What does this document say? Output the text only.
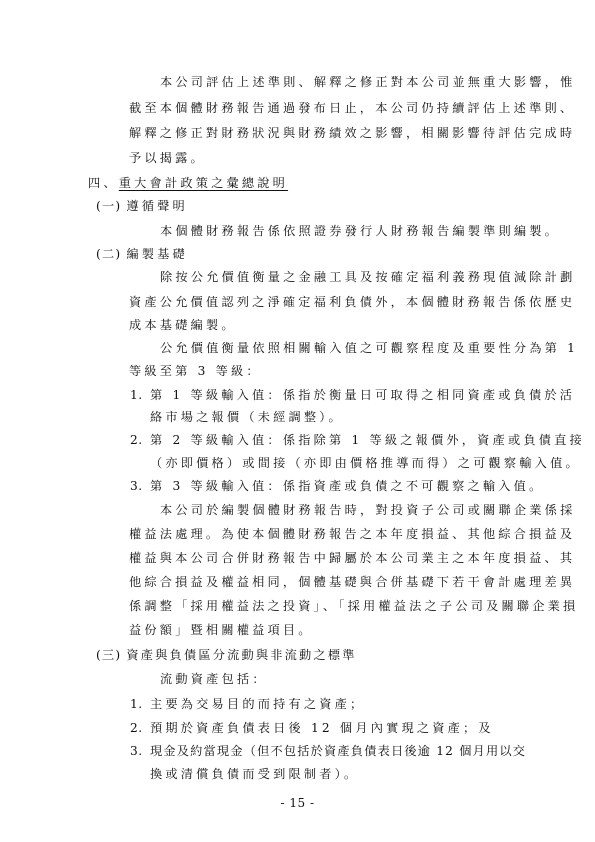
本公司評估上述準則、解釋之修正對本公司並無重大影響，惟
截至本個體財務報告通過發布日止，本公司仍持續評估上述準則、
解釋之修正對財務狀況與財務績效之影響，相關影響待評估完成時
予以揭露。
四、重大會計政策之彙總說明
(一) 遵循聲明
本個體財務報告係依照證券發行人財務報告編製準則編製。
(二) 編製基礎
除按公允價值衡量之金融工具及按確定福利義務現值減除計劃
資產公允價值認列之淨確定福利負債外，本個體財務報告係依歷史
成本基礎編製。
公允價值衡量依照相關輸入值之可觀察程度及重要性分為第 1
等級至第 3 等級：
1. 第 1 等級輸入值：係指於衡量日可取得之相同資產或負債於活
絡市場之報價（未經調整）。
2. 第 2 等級輸入值：係指除第 1 等級之報價外，資產或負債直接
（亦即價格）或間接（亦即由價格推導而得）之可觀察輸入值。
3. 第 3 等級輸入值：係指資產或負債之不可觀察之輸入值。
本公司於編製個體財務報告時，對投資子公司或關聯企業係採
權益法處理。為使本個體財務報告之本年度損益、其他綜合損益及
權益與本公司合併財務報告中歸屬於本公司業主之本年度損益、其
他綜合損益及權益相同，個體基礎與合併基礎下若干會計處理差異
係調整「採用權益法之投資」、「採用權益法之子公司及關聯企業損
益份額」暨相關權益項目。
(三) 資產與負債區分流動與非流動之標準
流動資產包括：
1. 主要為交易目的而持有之資產；
2. 預期於資產負債表日後 12 個月內實現之資產；及
3. 現金及約當現金（但不包括於資產負債表日後逾 12 個月用以交
換或清償負債而受到限制者）。
- 15 -
